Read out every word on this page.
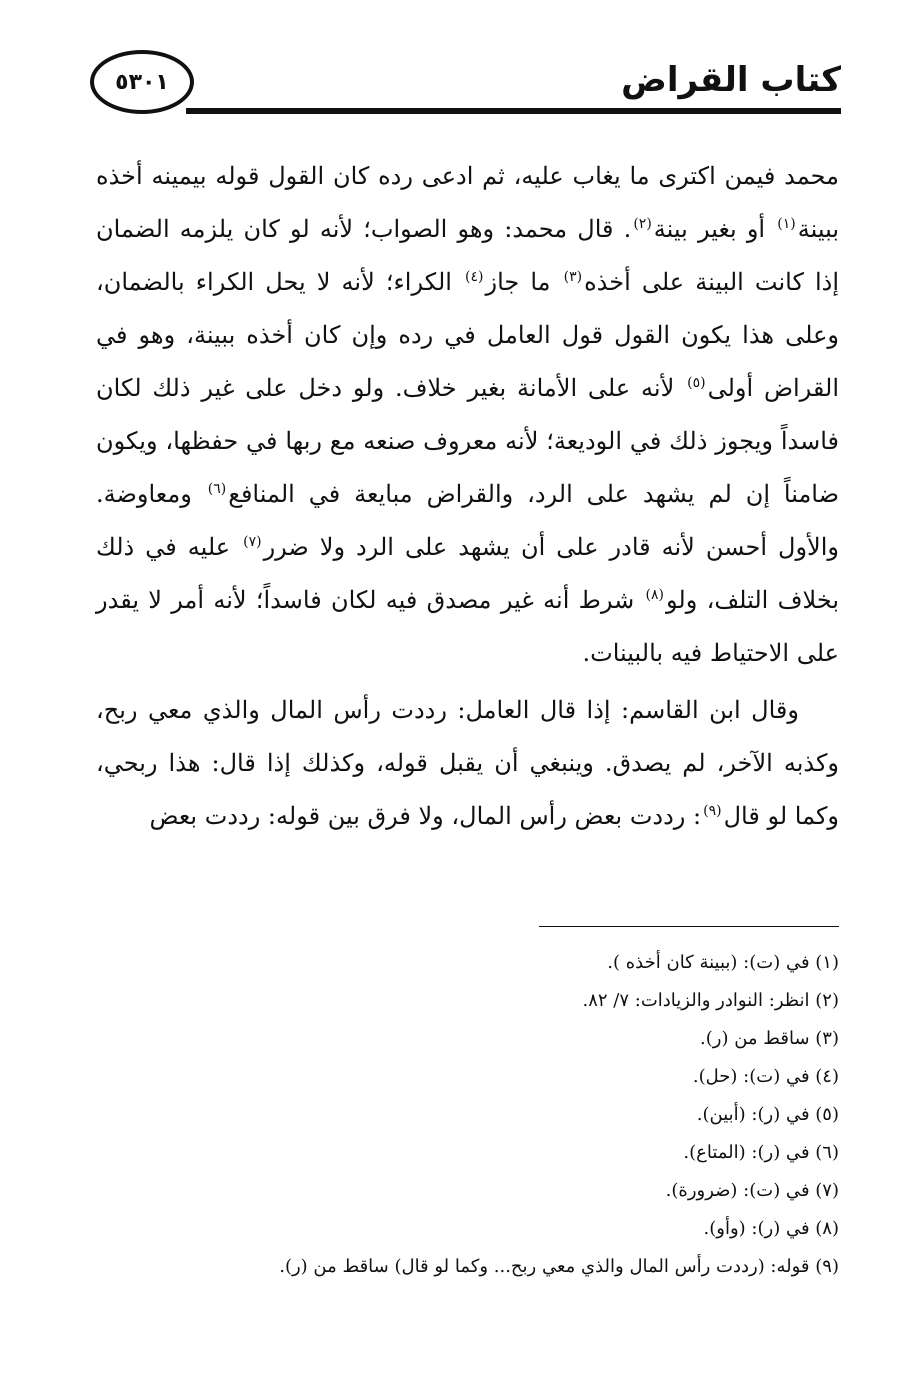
كتاب القراض
٥٣٠١

محمد فيمن اكترى ما يغاب عليه، ثم ادعى رده كان القول قوله بيمينه أخذه ببينة$^{(١)}$ أو بغير بينة$^{(٢)}$. قال محمد: وهو الصواب؛ لأنه لو كان يلزمه الضمان إذا كانت البينة على أخذه$^{(٣)}$ ما جاز$^{(٤)}$ الكراء؛ لأنه لا يحل الكراء بالضمان، وعلى هذا يكون القول قول العامل في رده وإن كان أخذه ببينة، وهو في القراض أولى$^{(٥)}$ لأنه على الأمانة بغير خلاف. ولو دخل على غير ذلك لكان فاسداً ويجوز ذلك في الوديعة؛ لأنه معروف صنعه مع ربها في حفظها، ويكون ضامناً إن لم يشهد على الرد، والقراض مبايعة في المنافع$^{(٦)}$ ومعاوضة. والأول أحسن لأنه قادر على أن يشهد على الرد ولا ضرر$^{(٧)}$ عليه في ذلك بخلاف التلف، ولو$^{(٨)}$ شرط أنه غير مصدق فيه لكان فاسداً؛ لأنه أمر لا يقدر على الاحتياط فيه بالبينات.

وقال ابن القاسم: إذا قال العامل: رددت رأس المال والذي معي ربح، وكذبه الآخر، لم يصدق. وينبغي أن يقبل قوله، وكذلك إذا قال: هذا ربحي، وكما لو قال$^{(٩)}$: رددت بعض رأس المال، ولا فرق بين قوله: رددت بعض

(١) في (ت): (ببينة كان أخذه ).
(٢) انظر: النوادر والزيادات: ٧/ ٨٢.
(٣) ساقط من (ر).
(٤) في (ت): (حل).
(٥) في (ر): (أبين).
(٦) في (ر): (المتاع).
(٧) في (ت): (ضرورة).
(٨) في (ر): (وأو).
(٩) قوله: (رددت رأس المال والذي معي ربح... وكما لو قال) ساقط من (ر).
